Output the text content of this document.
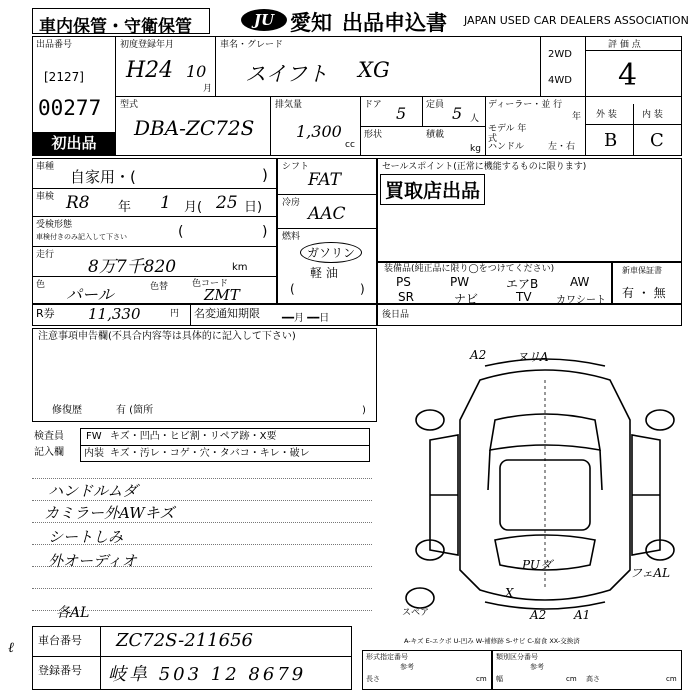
車内保管・守衛保管	JU 愛知 出品申込書 JAPAN USED CAR DEALERS ASSOCIATION
出品番号
[2127]
00277
初出品
初度登録年月
H24 10
月
車名・グレード
スイフト XG
2WD
4WD
評 価 点
4
型式
DBA-ZC72S
排気量
1,300
cc
ドア 5 定員 5 人
形状	積載
kg
ディーラー・並 行
年
モデル 年式
ハンドル	左・右
外 装	内 装
B C
車種
自家用・(	)
車検 R8 年 1 月( 25 日)
受検形態
車検付きのみ記入して下さい	(	)
走行
8万7千820	km
色 パール	色替	色コード
ZMT
シフト
FAT
冷房
AAC
燃料
ガソリン
軽 油
(	)
セールスポイント(正常に機能するものに限ります)
買取店出品
装備品(純正品に限り◯をつけてください)
PS	PW	エアB	AW
SR	ナビ	TV カワシート
新車保証書
有 ・ 無
R券 11,330	円 名変通知期限 ━━月 ━━日	後日品
注意事項申告欄(不具合内容等は具体的に記入して下さい)
修復歴	有 (箇所	)
検査員
記入欄
FW キズ・凹凸・ヒビ割・リペア跡・X要
内装 キズ・汚レ・コゲ・穴・タバコ・キレ・破レ
ハンドルムダ
カミラー外AWキズ
シートしみ
外オーディオ
各AL
A2 ヌリA
PUダ
フェAL
スペア	A2 A1
X
A-キズ E-エクボ U-凹み W-補修跡 S-サビ C-腐食 XX-交換済
ℓ 車台番号 ZC72S-211656
登録番号 岐阜 503 12 8679
形式指定番号
参考
長さ	cm
類別区分番号
参考
幅	cm 高さ	cm
